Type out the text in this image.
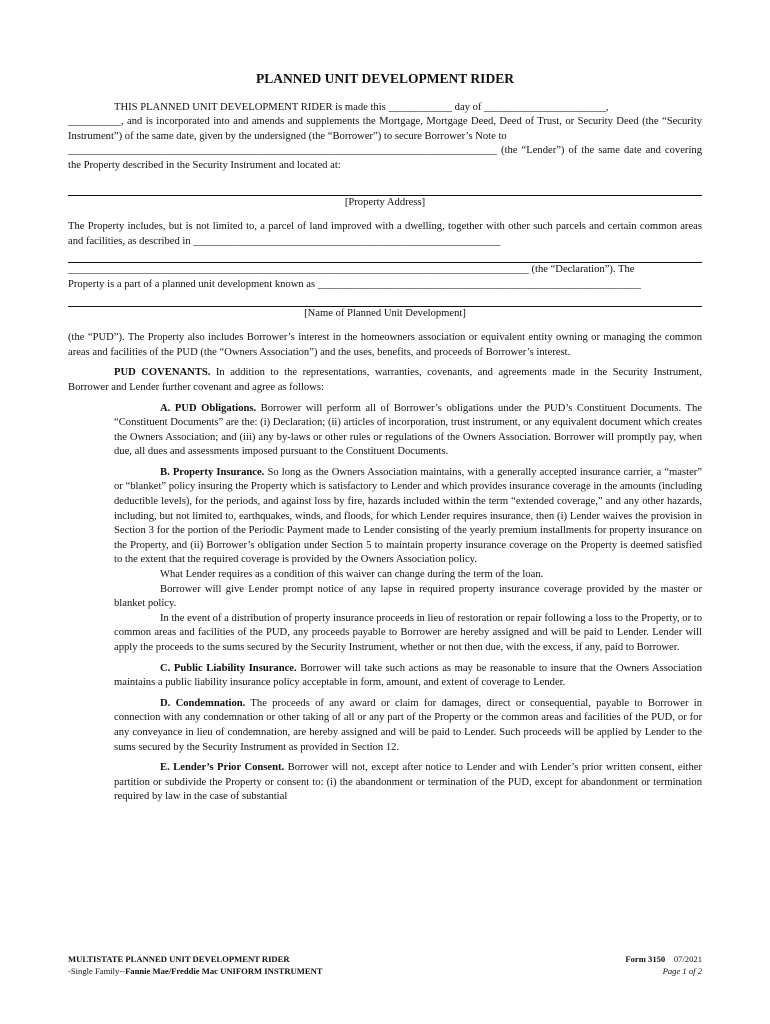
PLANNED UNIT DEVELOPMENT RIDER

THIS PLANNED UNIT DEVELOPMENT RIDER is made this ____________ day of _______________________,

__________, and is incorporated into and amends and supplements the Mortgage, Mortgage Deed, Deed of Trust, or Security Deed (the “Security Instrument”) of the same date, given by the undersigned (the “Borrower”) to secure Borrower’s Note to

_________________________________________________________________________________ (the “Lender”) of the same date and covering the Property described in the Security Instrument and located at:

[Property Address]

The Property includes, but is not limited to, a parcel of land improved with a dwelling, together with other such parcels and certain common areas and facilities, as described in __________________________________________________________

_______________________________________________________________________________________ (the “Declaration”). The

Property is a part of a planned unit development known as _____________________________________________________________

[Name of Planned Unit Development]

(the “PUD”). The Property also includes Borrower’s interest in the homeowners association or equivalent entity owning or managing the common areas and facilities of the PUD (the “Owners Association”) and the uses, benefits, and proceeds of Borrower’s interest.

PUD COVENANTS. In addition to the representations, warranties, covenants, and agreements made in the Security Instrument, Borrower and Lender further covenant and agree as follows:

A. PUD Obligations. Borrower will perform all of Borrower’s obligations under the PUD’s Constituent Documents. The “Constituent Documents” are the: (i) Declaration; (ii) articles of incorporation, trust instrument, or any equivalent document which creates the Owners Association; and (iii) any by-laws or other rules or regulations of the Owners Association. Borrower will promptly pay, when due, all dues and assessments imposed pursuant to the Constituent Documents.

B. Property Insurance. So long as the Owners Association maintains, with a generally accepted insurance carrier, a “master” or “blanket” policy insuring the Property which is satisfactory to Lender and which provides insurance coverage in the amounts (including deductible levels), for the periods, and against loss by fire, hazards included within the term “extended coverage,” and any other hazards, including, but not limited to, earthquakes, winds, and floods, for which Lender requires insurance, then (i) Lender waives the provision in Section 3 for the portion of the Periodic Payment made to Lender consisting of the yearly premium installments for property insurance on the Property, and (ii) Borrower’s obligation under Section 5 to maintain property insurance coverage on the Property is deemed satisfied to the extent that the required coverage is provided by the Owners Association policy.

What Lender requires as a condition of this waiver can change during the term of the loan.

Borrower will give Lender prompt notice of any lapse in required property insurance coverage provided by the master or blanket policy.

In the event of a distribution of property insurance proceeds in lieu of restoration or repair following a loss to the Property, or to common areas and facilities of the PUD, any proceeds payable to Borrower are hereby assigned and will be paid to Lender. Lender will apply the proceeds to the sums secured by the Security Instrument, whether or not then due, with the excess, if any, paid to Borrower.

C. Public Liability Insurance. Borrower will take such actions as may be reasonable to insure that the Owners Association maintains a public liability insurance policy acceptable in form, amount, and extent of coverage to Lender.

D. Condemnation. The proceeds of any award or claim for damages, direct or consequential, payable to Borrower in connection with any condemnation or other taking of all or any part of the Property or the common areas and facilities of the PUD, or for any conveyance in lieu of condemnation, are hereby assigned and will be paid to Lender. Such proceeds will be applied by Lender to the sums secured by the Security Instrument as provided in Section 12.

E. Lender’s Prior Consent. Borrower will not, except after notice to Lender and with Lender’s prior written consent, either partition or subdivide the Property or consent to: (i) the abandonment or termination of the PUD, except for abandonment or termination required by law in the case of substantial

MULTISTATE PLANNED UNIT DEVELOPMENT RIDER	Form 3150 07/2021
-Single Family--Fannie Mae/Freddie Mac UNIFORM INSTRUMENT	Page 1 of 2
